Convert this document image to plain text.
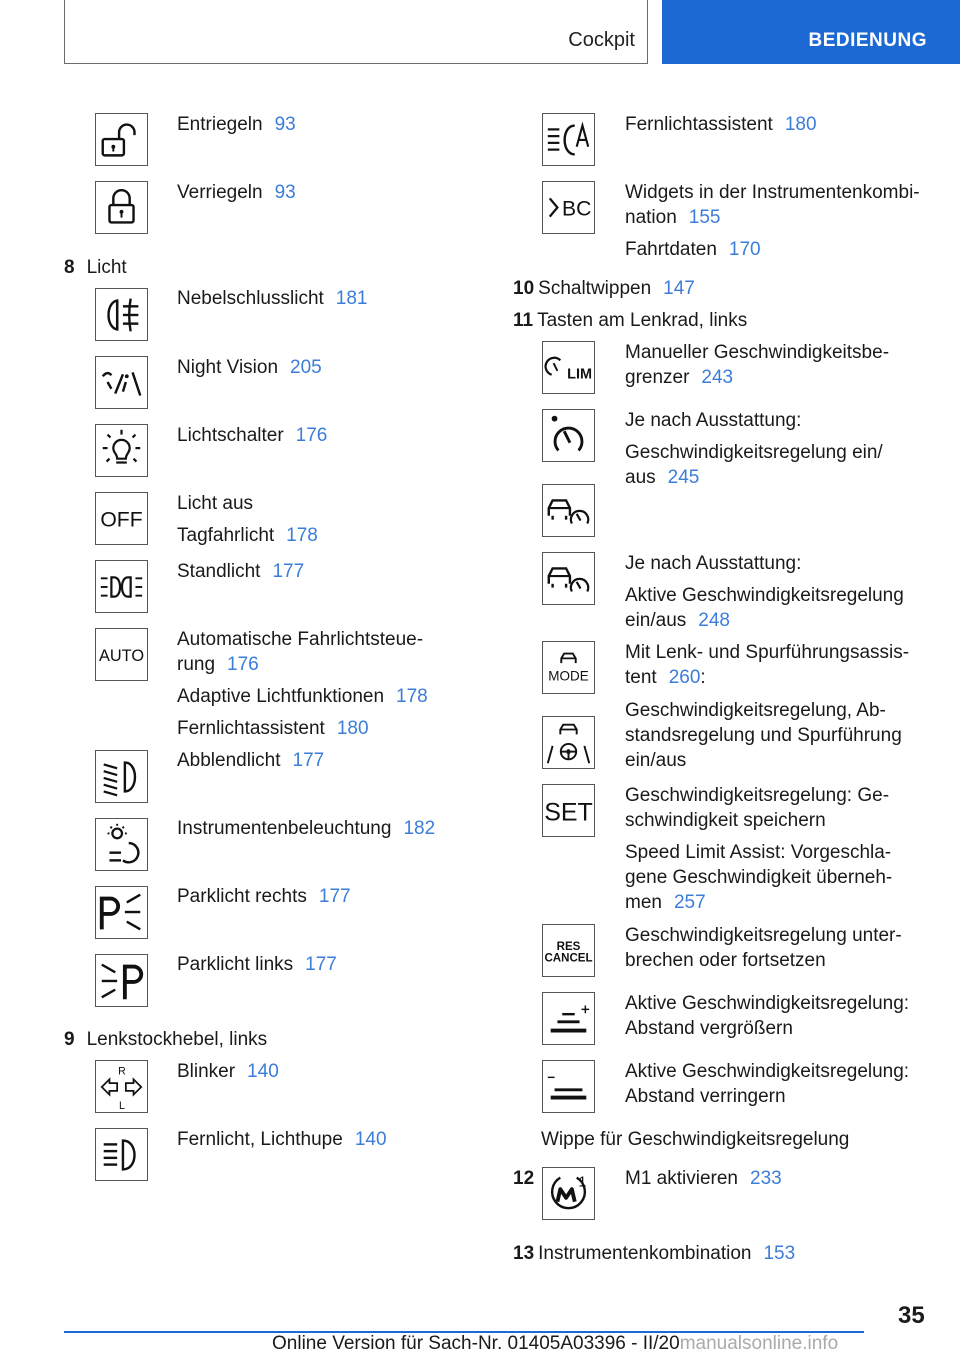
Cockpit	BEDIENUNG
Entriegeln 93
Verriegeln 93
8 Licht
Nebelschlusslicht 181
Night Vision 205
Lichtschalter 176
OFF
Licht aus
Tagfahrlicht 178
Standlicht 177
AUTO
Automatische Fahrlichtsteue-
rung 176
Adaptive Lichtfunktionen 178
Fernlichtassistent 180
Abblendlicht 177
Instrumentenbeleuchtung 182
Parklicht rechts 177
Parklicht links 177
9 Lenkstockhebel, links
R
L
Blinker 140
Fernlicht, Lichthupe 140
Fernlichtassistent 180
BC
Widgets in der Instrumentenkombi-
nation 155
Fahrtdaten 170
10 Schaltwippen 147
11 Tasten am Lenkrad, links
LIM
Manueller Geschwindigkeitsbe-
grenzer 243
Je nach Ausstattung:
Geschwindigkeitsregelung ein/
aus 245
Je nach Ausstattung:
Aktive Geschwindigkeitsregelung
ein/aus 248
MODE
Mit Lenk- und Spurführungsassis-
tent 260:
Geschwindigkeitsregelung, Ab-
standsregelung und Spurführung
ein/aus
SET
Geschwindigkeitsregelung: Ge-
schwindigkeit speichern
Speed Limit Assist: Vorgeschla-
gene Geschwindigkeit überneh-
men 257
RES
CANCEL
Geschwindigkeitsregelung unter-
brechen oder fortsetzen
Aktive Geschwindigkeitsregelung:
Abstand vergrößern
Aktive Geschwindigkeitsregelung:
Abstand verringern
Wippe für Geschwindigkeitsregelung
12	1 M1 aktivieren 233
13 Instrumentenkombination 153
35
Online Version für Sach-Nr. 01405A03396 - II/20manualsonline.info
